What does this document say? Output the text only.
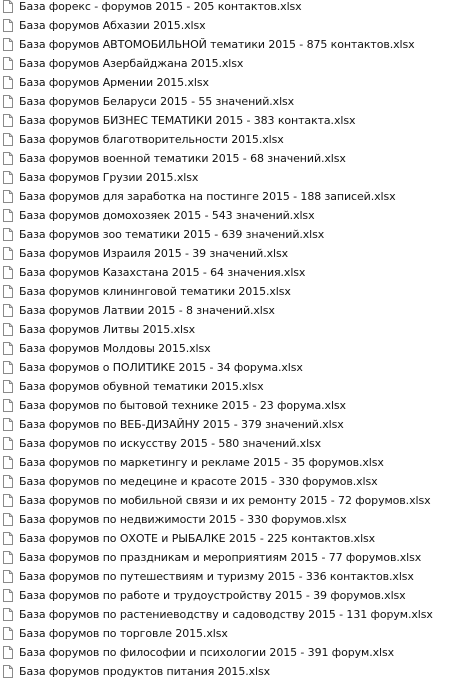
База форекс - форумов 2015 - 205 контактов.xlsx
База форумов Абхазии 2015.xlsx
База форумов АВТОМОБИЛЬНОЙ тематики 2015 - 875 контактов.xlsx
База форумов Азербайджана 2015.xlsx
База форумов Армении 2015.xlsx
База форумов Беларуси 2015 - 55 значений.xlsx
База форумов БИЗНЕС ТЕМАТИКИ 2015 - 383 контакта.xlsx
База форумов благотворительности 2015.xlsx
База форумов военной тематики 2015 - 68 значений.xlsx
База форумов Грузии 2015.xlsx
База форумов для заработка на постинге 2015 - 188 записей.xlsx
База форумов домохозяек 2015 - 543 значений.xlsx
База форумов зоо тематики 2015 - 639 значений.xlsx
База форумов Израиля 2015 - 39 значений.xlsx
База форумов Казахстана 2015 - 64 значения.xlsx
База форумов клининговой тематики 2015.xlsx
База форумов Латвии 2015 - 8 значений.xlsx
База форумов Литвы 2015.xlsx
База форумов Молдовы 2015.xlsx
База форумов о ПОЛИТИКЕ 2015 - 34 форума.xlsx
База форумов обувной тематики 2015.xlsx
База форумов по бытовой технике 2015 - 23 форума.xlsx
База форумов по ВЕБ-ДИЗАЙНУ 2015 - 379 значений.xlsx
База форумов по искусству 2015 - 580 значений.xlsx
База форумов по маркетингу и рекламе 2015 - 35 форумов.xlsx
База форумов по медецине и красоте 2015 - 330 форумов.xlsx
База форумов по мобильной связи и их ремонту 2015 - 72 форумов.xlsx
База форумов по недвижимости 2015 - 330 форумов.xlsx
База форумов по ОХОТЕ и РЫБАЛКЕ 2015 - 225 контактов.xlsx
База форумов по праздникам и мероприятиям 2015 - 77 форумов.xlsx
База форумов по путешествиям и туризму 2015 - 336 контактов.xlsx
База форумов по работе и трудоустройству 2015 - 39 форумов.xlsx
База форумов по растениеводству и садоводству 2015 - 131 форум.xlsx
База форумов по торговле 2015.xlsx
База форумов по философии и психологии 2015 - 391 форум.xlsx
База форумов продуктов питания 2015.xlsx
